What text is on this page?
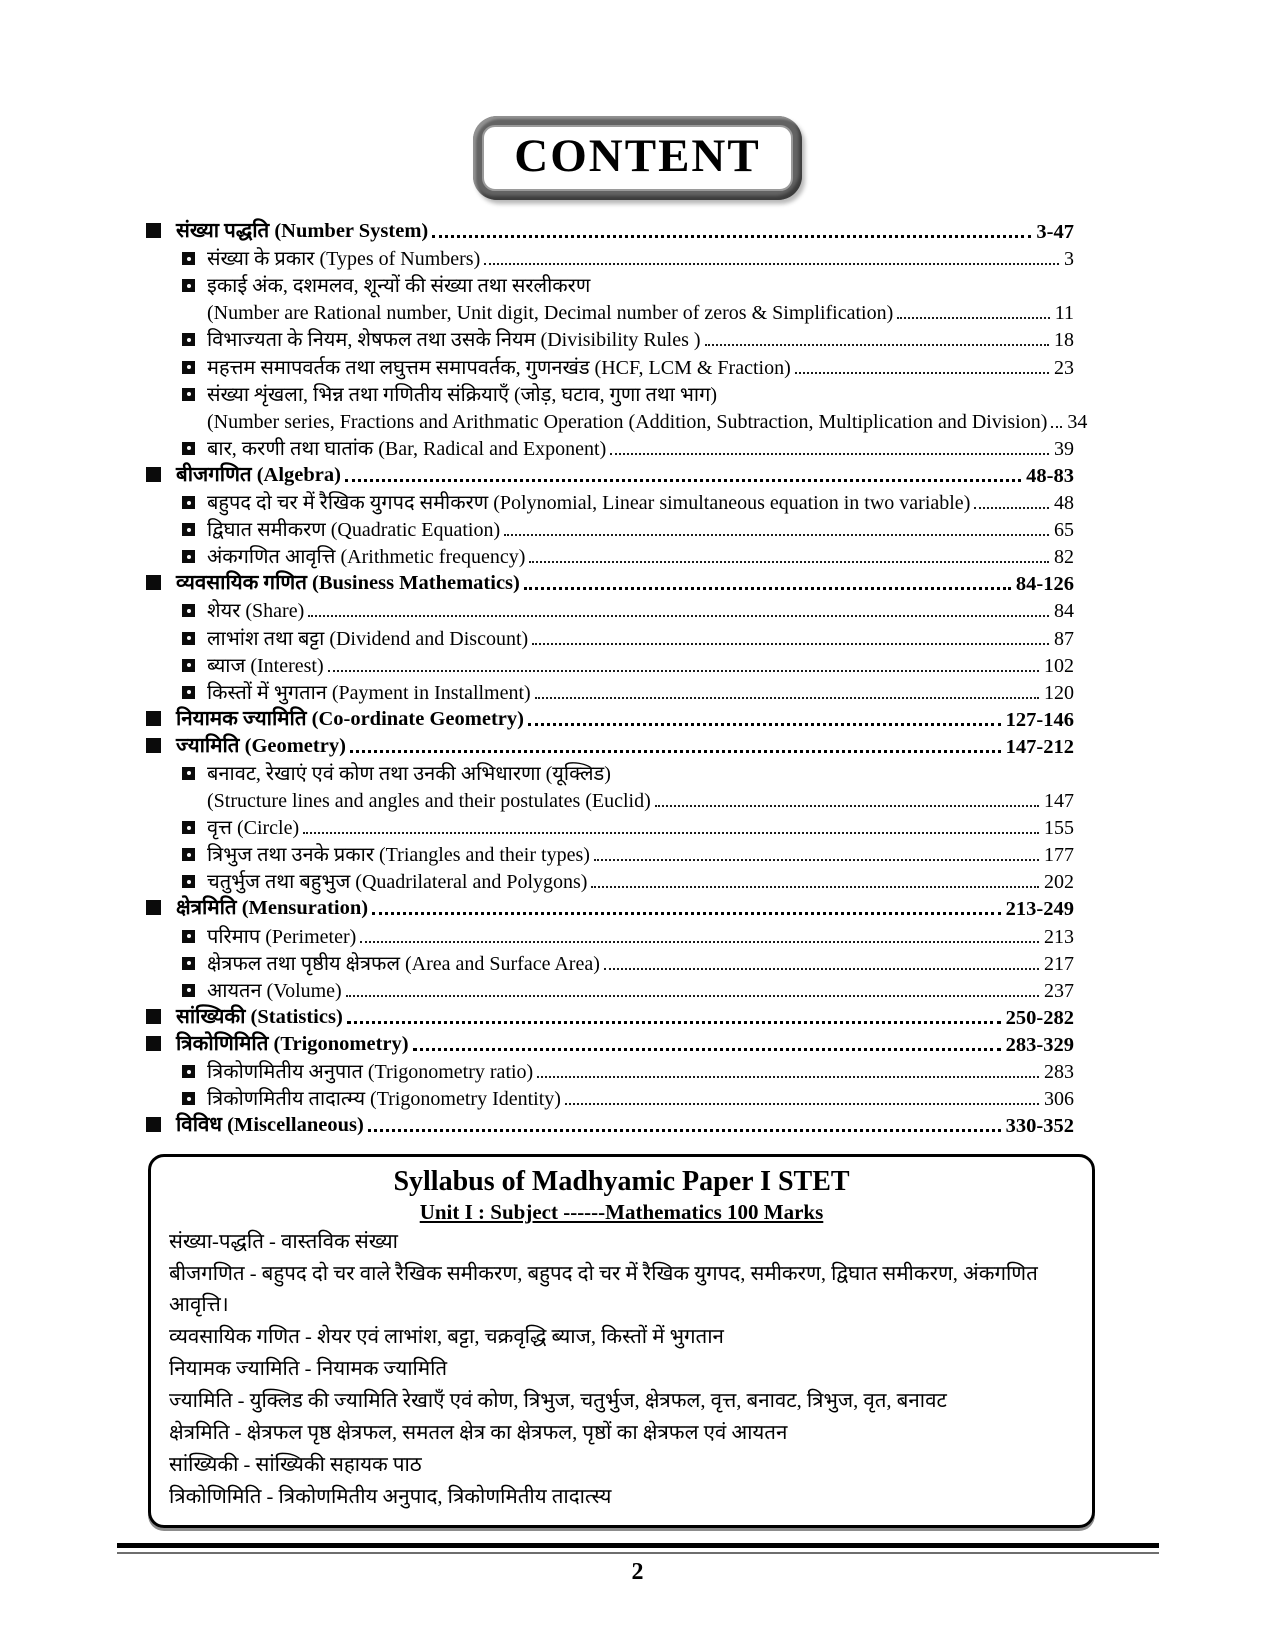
CONTENT
संख्या पद्धति (Number System)	3-47
संख्या के प्रकार (Types of Numbers)	3
इकाई अंक, दशमलव, शून्यों की संख्या तथा सरलीकरण
(Number are Rational number, Unit digit, Decimal number of zeros & Simplification)	11
विभाज्यता के नियम, शेषफल तथा उसके नियम (Divisibility Rules )	18
महत्तम समापवर्तक तथा लघुत्तम समापवर्तक, गुणनखंड (HCF, LCM & Fraction)	23
संख्या शृंखला, भिन्न तथा गणितीय संक्रियाएँ (जोड़, घटाव, गुणा तथा भाग)
(Number series, Fractions and Arithmatic Operation (Addition, Subtraction, Multiplication and Division) 34
बार, करणी तथा घातांक (Bar, Radical and Exponent)	39
बीजगणित (Algebra)	48-83
बहुपद दो चर में रैखिक युगपद समीकरण (Polynomial, Linear simultaneous equation in two variable)	48
द्विघात समीकरण (Quadratic Equation)	65
अंकगणित आवृत्ति (Arithmetic frequency)	82
व्यवसायिक गणित (Business Mathematics)	84-126
शेयर (Share)	84
लाभांश तथा बट्टा (Dividend and Discount)	87
ब्याज (Interest)	102
किस्तों में भुगतान (Payment in Installment)	120
नियामक ज्यामिति (Co-ordinate Geometry)	127-146
ज्यामिति (Geometry)	147-212
बनावट, रेखाएं एवं कोण तथा उनकी अभिधारणा (यूक्लिड)
(Structure lines and angles and their postulates (Euclid)	147
वृत्त (Circle)	155
त्रिभुज तथा उनके प्रकार (Triangles and their types)	177
चतुर्भुज तथा बहुभुज (Quadrilateral and Polygons)	202
क्षेत्रमिति (Mensuration)	213-249
परिमाप (Perimeter)	213
क्षेत्रफल तथा पृष्ठीय क्षेत्रफल (Area and Surface Area)	217
आयतन (Volume)	237
सांख्यिकी (Statistics)	250-282
त्रिकोणिमिति (Trigonometry)	283-329
त्रिकोणमितीय अनुपात (Trigonometry ratio)	283
त्रिकोणमितीय तादात्म्य (Trigonometry Identity)	306
विविध (Miscellaneous)	330-352
Syllabus of Madhyamic Paper I STET
Unit I : Subject ------Mathematics 100 Marks
संख्या-पद्धति - वास्तविक संख्या
बीजगणित - बहुपद दो चर वाले रैखिक समीकरण, बहुपद दो चर में रैखिक युगपद, समीकरण, द्विघात समीकरण, अंकगणित आवृत्ति।
व्यवसायिक गणित - शेयर एवं लाभांश, बट्टा, चक्रवृद्धि ब्याज, किस्तों में भुगतान
नियामक ज्यामिति - नियामक ज्यामिति
ज्यामिति - युक्लिड की ज्यामिति रेखाएँ एवं कोण, त्रिभुज, चतुर्भुज, क्षेत्रफल, वृत्त, बनावट, त्रिभुज, वृत, बनावट
क्षेत्रमिति - क्षेत्रफल पृष्ठ क्षेत्रफल, समतल क्षेत्र का क्षेत्रफल, पृष्ठों का क्षेत्रफल एवं आयतन
सांख्यिकी - सांख्यिकी सहायक पाठ
त्रिकोणिमिति - त्रिकोणमितीय अनुपाद, त्रिकोणमितीय तादात्स्य
2
